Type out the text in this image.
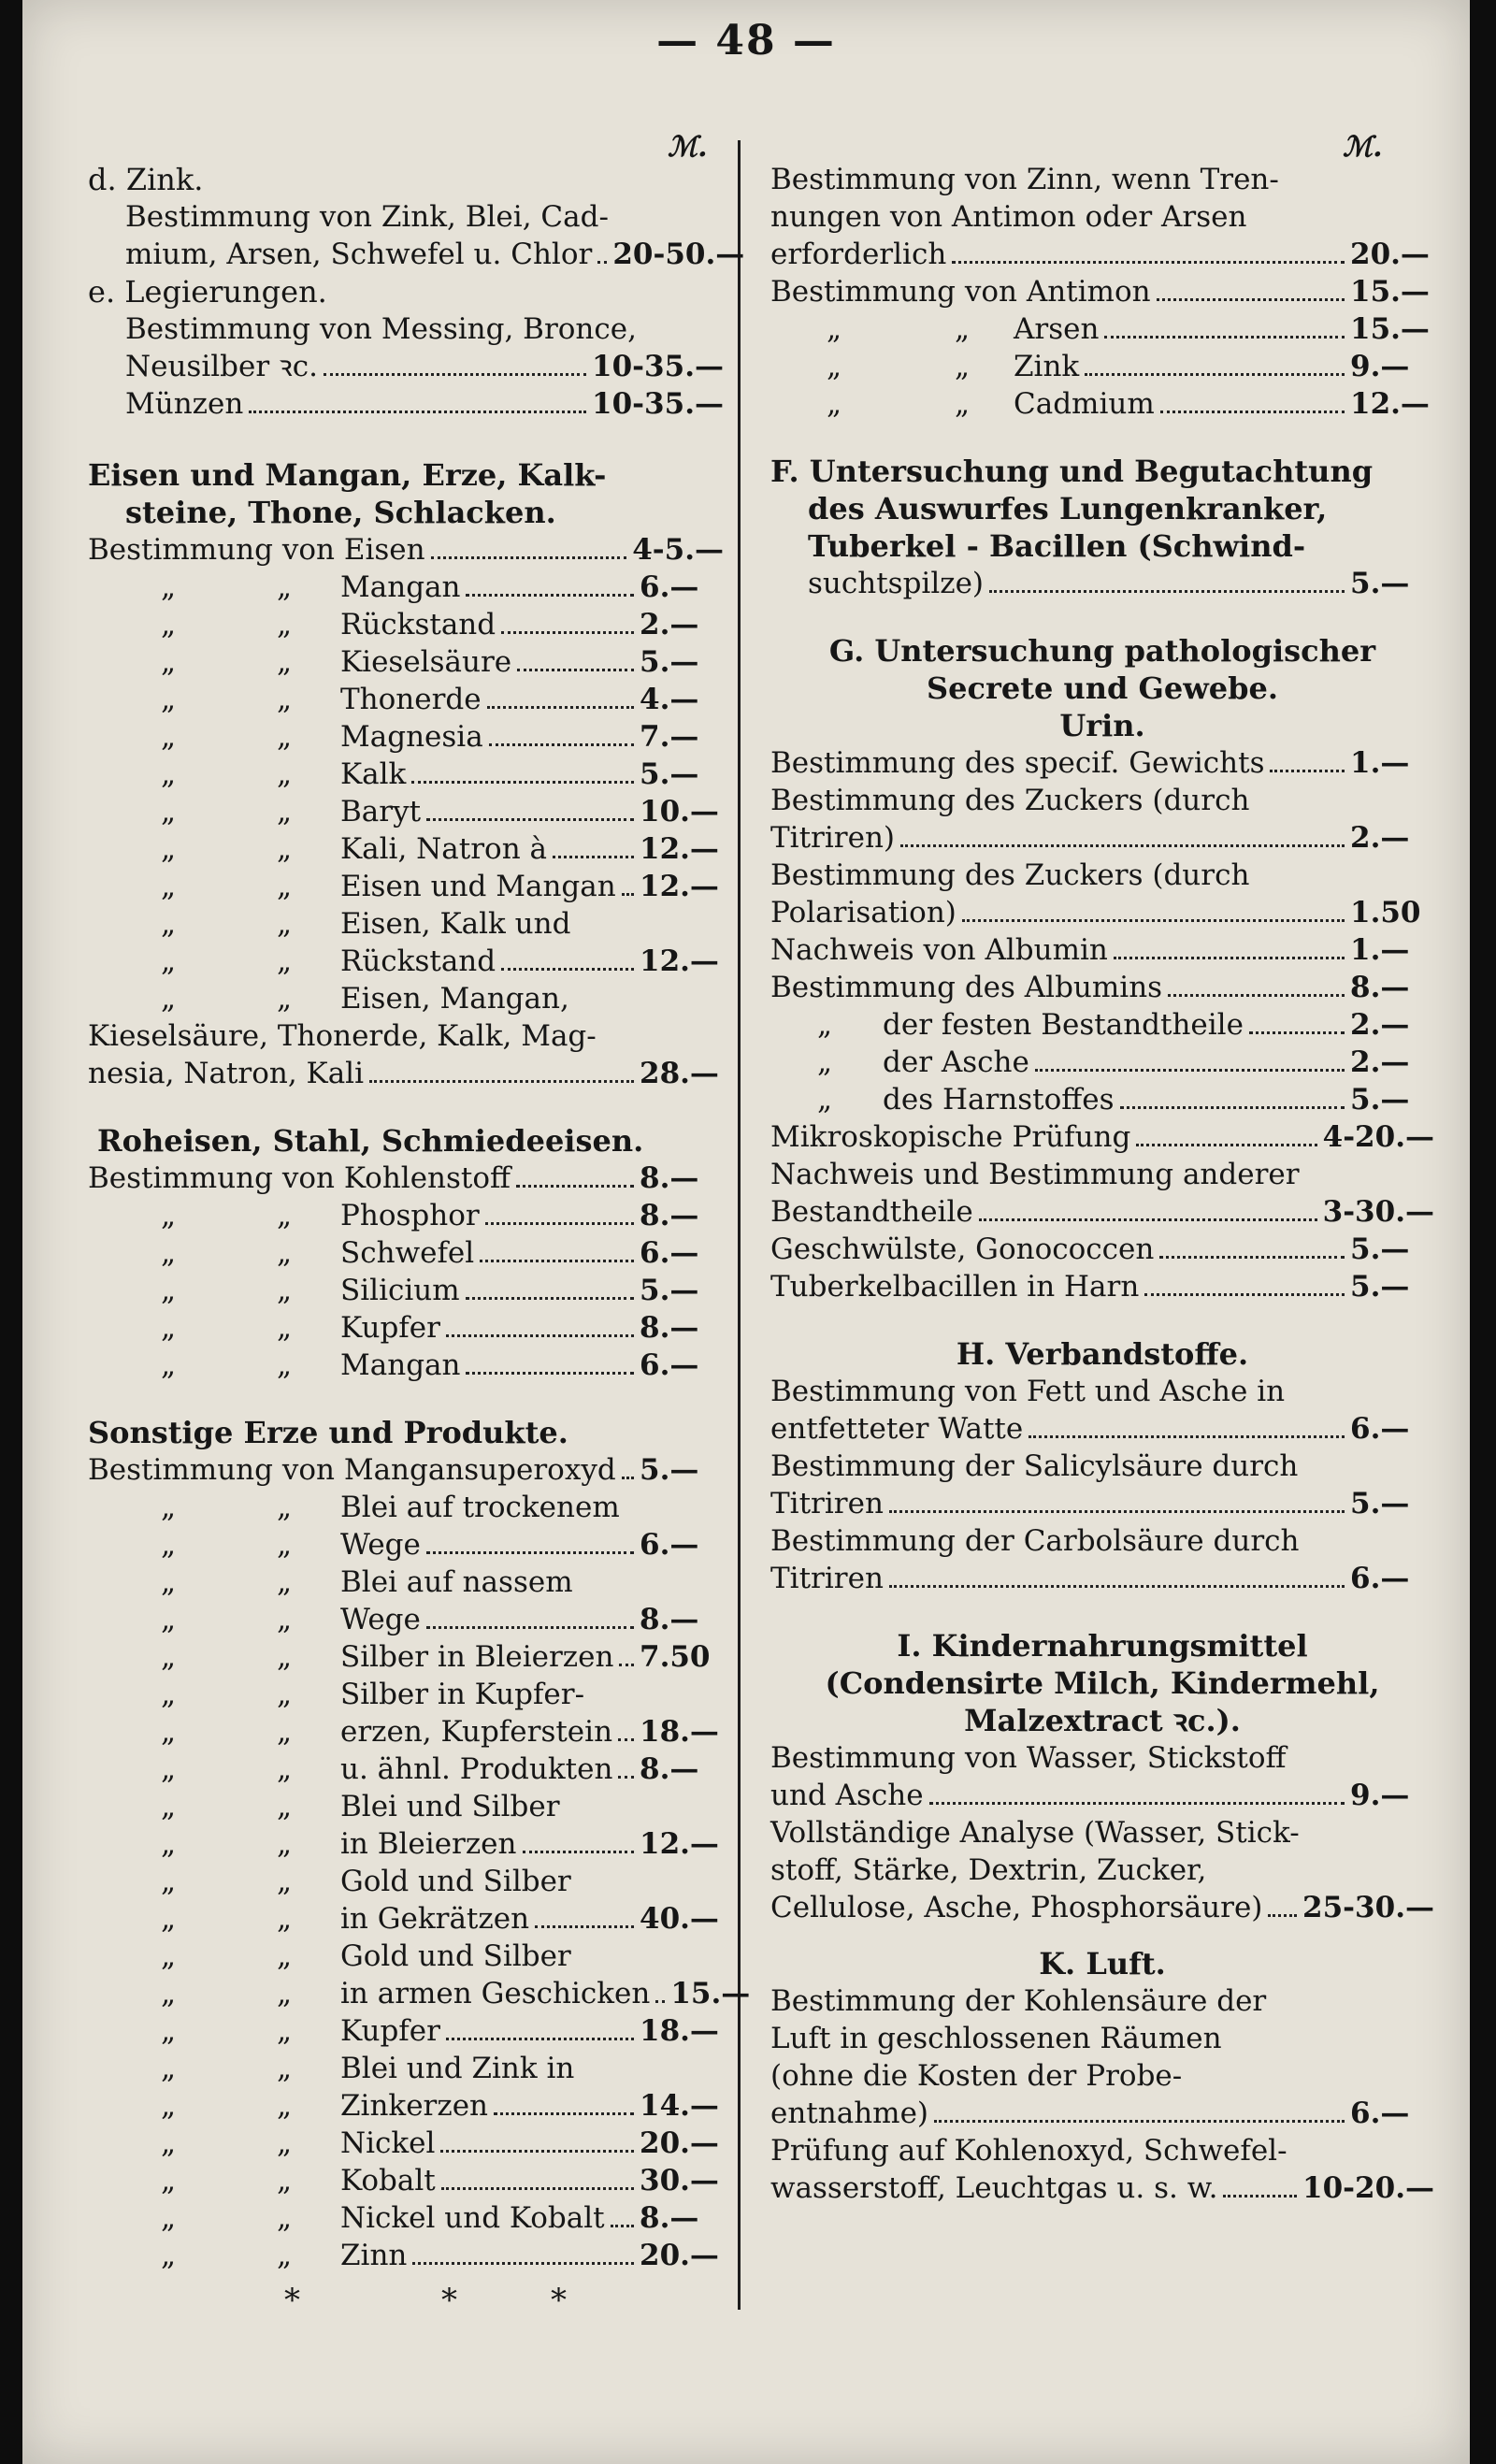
— 48 —
ℳ.	ℳ.
d. Zink.
Bestimmung von Zink, Blei, Cad-
mium, Arsen, Schwefel u. Chlor 20-50.—
e. Legierungen.
Bestimmung von Messing, Bronce,
Neusilber ꝛc.	10-35.—
Münzen	10-35.—
Eisen und Mangan, Erze, Kalk-
steine, Thone, Schlacken.
Bestimmung von Eisen	4-5.—
„	„	Mangan	6.—
„	„	Rückstand	2.—
„	„	Kieselsäure	5.—
„	„	Thonerde	4.—
„	„	Magnesia	7.—
„	„	Kalk	5.—
„	„	Baryt	10.—
„	„	Kali, Natron à	12.—
„	„	Eisen und Mangan 12.—
„	„	Eisen, Kalk und
„	„	Rückstand	12.—
„	„	Eisen, Mangan,
Kieselsäure, Thonerde, Kalk, Mag-
nesia, Natron, Kali	28.—
Roheisen, Stahl, Schmiedeeisen.
Bestimmung von Kohlenstoff	8.—
„	„	Phosphor	8.—
„	„	Schwefel	6.—
„	„	Silicium	5.—
„	„	Kupfer	8.—
„	„	Mangan	6.—
Sonstige Erze und Produkte.
Bestimmung von Mangansuperoxyd 5.—
„	„	Blei auf trockenem
„	„	Wege	6.—
„	„	Blei auf nassem
„	„	Wege	8.—
„	„	Silber in Bleierzen 7.50
„	„	Silber in Kupfer-
„	„	erzen, Kupferstein 18.—
„	„	u. ähnl. Produkten 8.—
„	„	Blei und Silber
„	„	in Bleierzen	12.—
„	„	Gold und Silber
„	„	in Gekrätzen	40.—
„	„	Gold und Silber
„	„	in armen Geschicken 15.—
„	„	Kupfer	18.—
„	„	Blei und Zink in
„	„	Zinkerzen	14.—
„	„	Nickel	20.—
„	„	Kobalt	30.—
„	„	Nickel und Kobalt 8.—
„	„	Zinn	20.—
Bestimmung von Zinn, wenn Tren-
nungen von Antimon oder Arsen
erforderlich	20.—
Bestimmung von Antimon	15.—
„	„	Arsen	15.—
„	„	Zink	9.—
„	„	Cadmium	12.—
F. Untersuchung und Begutachtung
des Auswurfes Lungenkranker,
Tuberkel - Bacillen (Schwind-
suchtspilze)	5.—
G. Untersuchung pathologischer
Secrete und Gewebe.
Urin.
Bestimmung des specif. Gewichts	1.—
Bestimmung des Zuckers (durch
Titriren)	2.—
Bestimmung des Zuckers (durch
Polarisation)	1.50
Nachweis von Albumin	1.—
Bestimmung des Albumins	8.—
„	der festen Bestandtheile	2.—
„	der Asche	2.—
„	des Harnstoffes	5.—
Mikroskopische Prüfung	4-20.—
Nachweis und Bestimmung anderer
Bestandtheile	3-30.—
Geschwülste, Gonococcen	5.—
Tuberkelbacillen in Harn	5.—
H. Verbandstoffe.
Bestimmung von Fett und Asche in
entfetteter Watte	6.—
Bestimmung der Salicylsäure durch
Titriren	5.—
Bestimmung der Carbolsäure durch
Titriren	6.—
I. Kindernahrungsmittel
(Condensirte Milch, Kindermehl,
Malzextract ꝛc.).
Bestimmung von Wasser, Stickstoff
und Asche	9.—
Vollständige Analyse (Wasser, Stick-
stoff, Stärke, Dextrin, Zucker,
Cellulose, Asche, Phosphorsäure) 25-30.—
K. Luft.
Bestimmung der Kohlensäure der
Luft in geschlossenen Räumen
(ohne die Kosten der Probe-
entnahme)	6.—
Prüfung auf Kohlenoxyd, Schwefel-
wasserstoff, Leuchtgas u. s. w.	10-20.—
*	*	*
